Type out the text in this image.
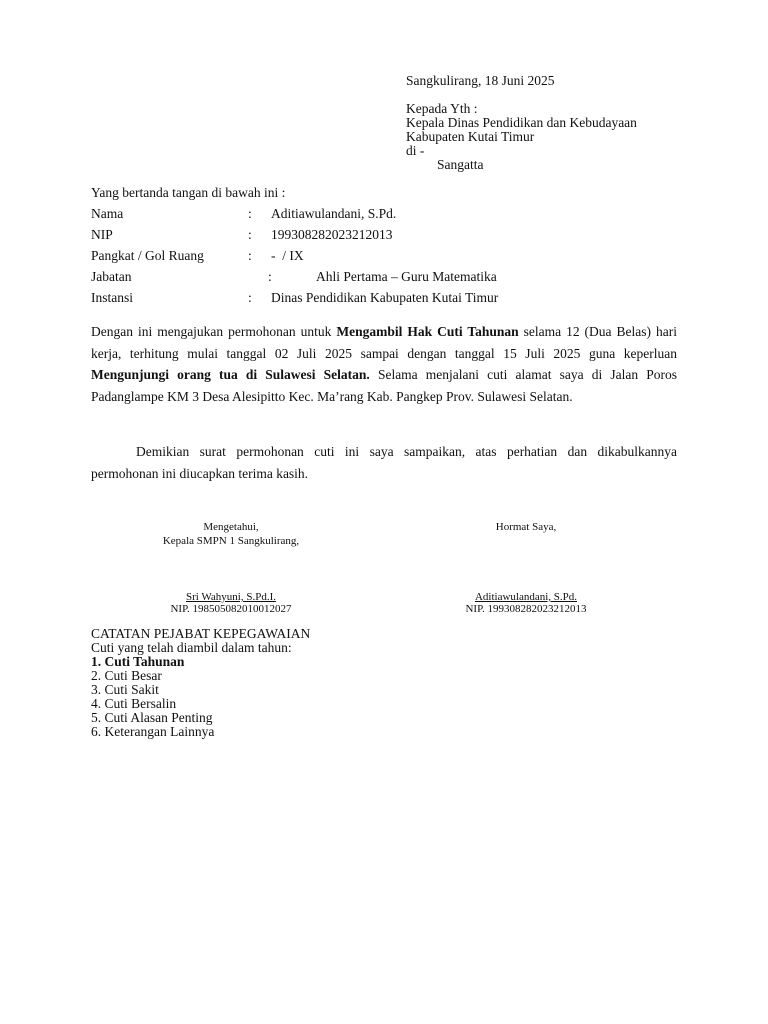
Sangkulirang, 18 Juni 2025
Kepada Yth :
Kepala Dinas Pendidikan dan Kebudayaan
Kabupaten Kutai Timur
di -
Sangatta
Yang bertanda tangan di bawah ini :
Nama	: Aditiawulandani, S.Pd.
NIP	: 199308282023212013
Pangkat / Gol Ruang	: -  / IX
Jabatan	:	Ahli Pertama – Guru Matematika
Instansi	: Dinas Pendidikan Kabupaten Kutai Timur
Dengan ini mengajukan permohonan untuk Mengambil Hak Cuti Tahunan selama 12 (Dua Belas) hari kerja, terhitung mulai tanggal 02 Juli 2025 sampai dengan tanggal 15 Juli 2025 guna keperluan Mengunjungi orang tua di Sulawesi Selatan. Selama menjalani cuti alamat saya di Jalan Poros Padanglampe KM 3 Desa Alesipitto Kec. Ma’rang Kab. Pangkep Prov. Sulawesi Selatan.
Demikian surat permohonan cuti ini saya sampaikan, atas perhatian dan dikabulkannya permohonan ini diucapkan terima kasih.
Mengetahui,
Kepala SMPN 1 Sangkulirang,
Hormat Saya,
Sri Wahyuni, S.Pd.I.
NIP. 198505082010012027
Aditiawulandani, S.Pd.
NIP. 199308282023212013
CATATAN PEJABAT KEPEGAWAIAN
Cuti yang telah diambil dalam tahun:
1. Cuti Tahunan
2. Cuti Besar
3. Cuti Sakit
4. Cuti Bersalin
5. Cuti Alasan Penting
6. Keterangan Lainnya
